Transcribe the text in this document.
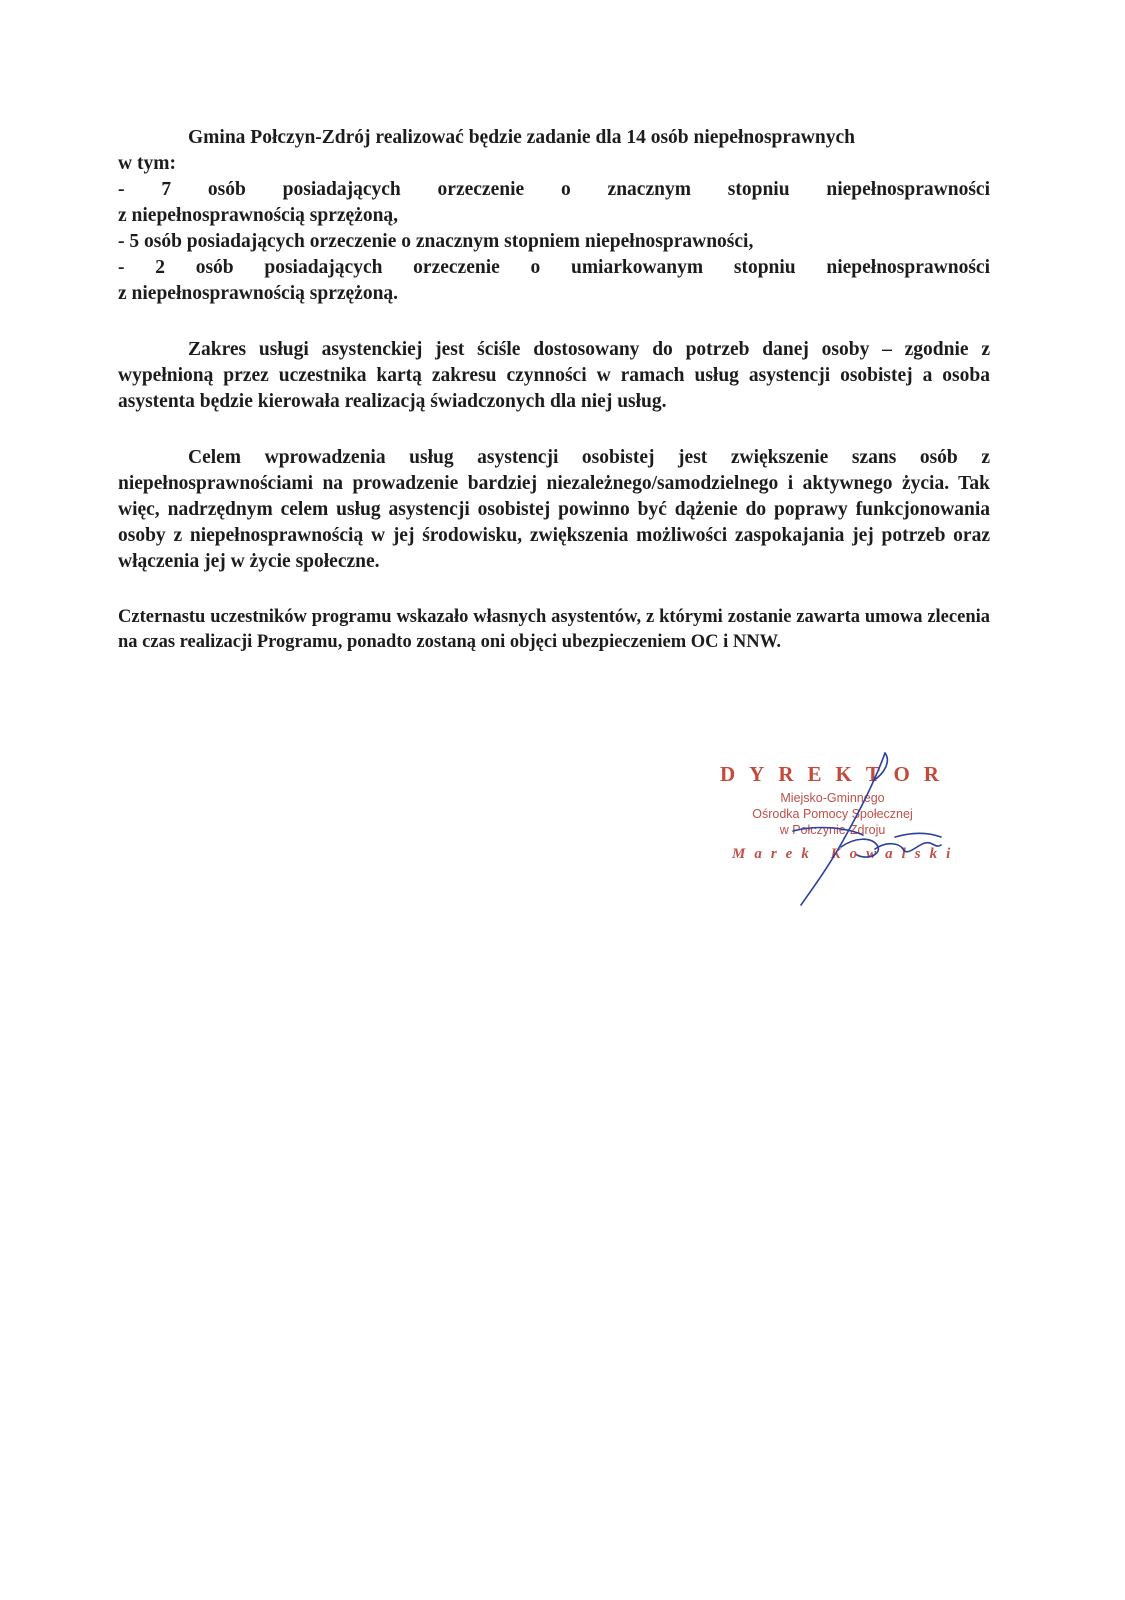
Gmina Połczyn-Zdrój realizować będzie zadanie dla 14 osób niepełnosprawnych
w tym:
- 7 osób posiadających orzeczenie o znacznym stopniu niepełnosprawności
z niepełnosprawnością sprzężoną,
- 5 osób posiadających orzeczenie o znacznym stopniem niepełnosprawności,
- 2 osób posiadających orzeczenie o umiarkowanym stopniu niepełnosprawności
z niepełnosprawnością sprzężoną.
Zakres usługi asystenckiej jest ściśle dostosowany do potrzeb danej osoby – zgodnie z wypełnioną przez uczestnika kartą zakresu czynności w ramach usług asystencji osobistej a osoba asystenta będzie kierowała realizacją świadczonych dla niej usług.
Celem wprowadzenia usług asystencji osobistej jest zwiększenie szans osób z niepełnosprawnościami na prowadzenie bardziej niezależnego/samodzielnego i aktywnego życia. Tak więc, nadrzędnym celem usług asystencji osobistej powinno być dążenie do poprawy funkcjonowania osoby z niepełnosprawnością w jej środowisku, zwiększenia możliwości zaspokajania jej potrzeb oraz włączenia jej w życie społeczne.
Czternastu uczestników programu wskazało własnych asystentów, z którymi zostanie zawarta umowa zlecenia na czas realizacji Programu, ponadto zostaną oni objęci ubezpieczeniem OC i NNW.
DYREKTOR
Miejsko-Gminnego
Ośrodka Pomocy Społecznej
w Połczynie-Zdroju
Marek Kowalski
